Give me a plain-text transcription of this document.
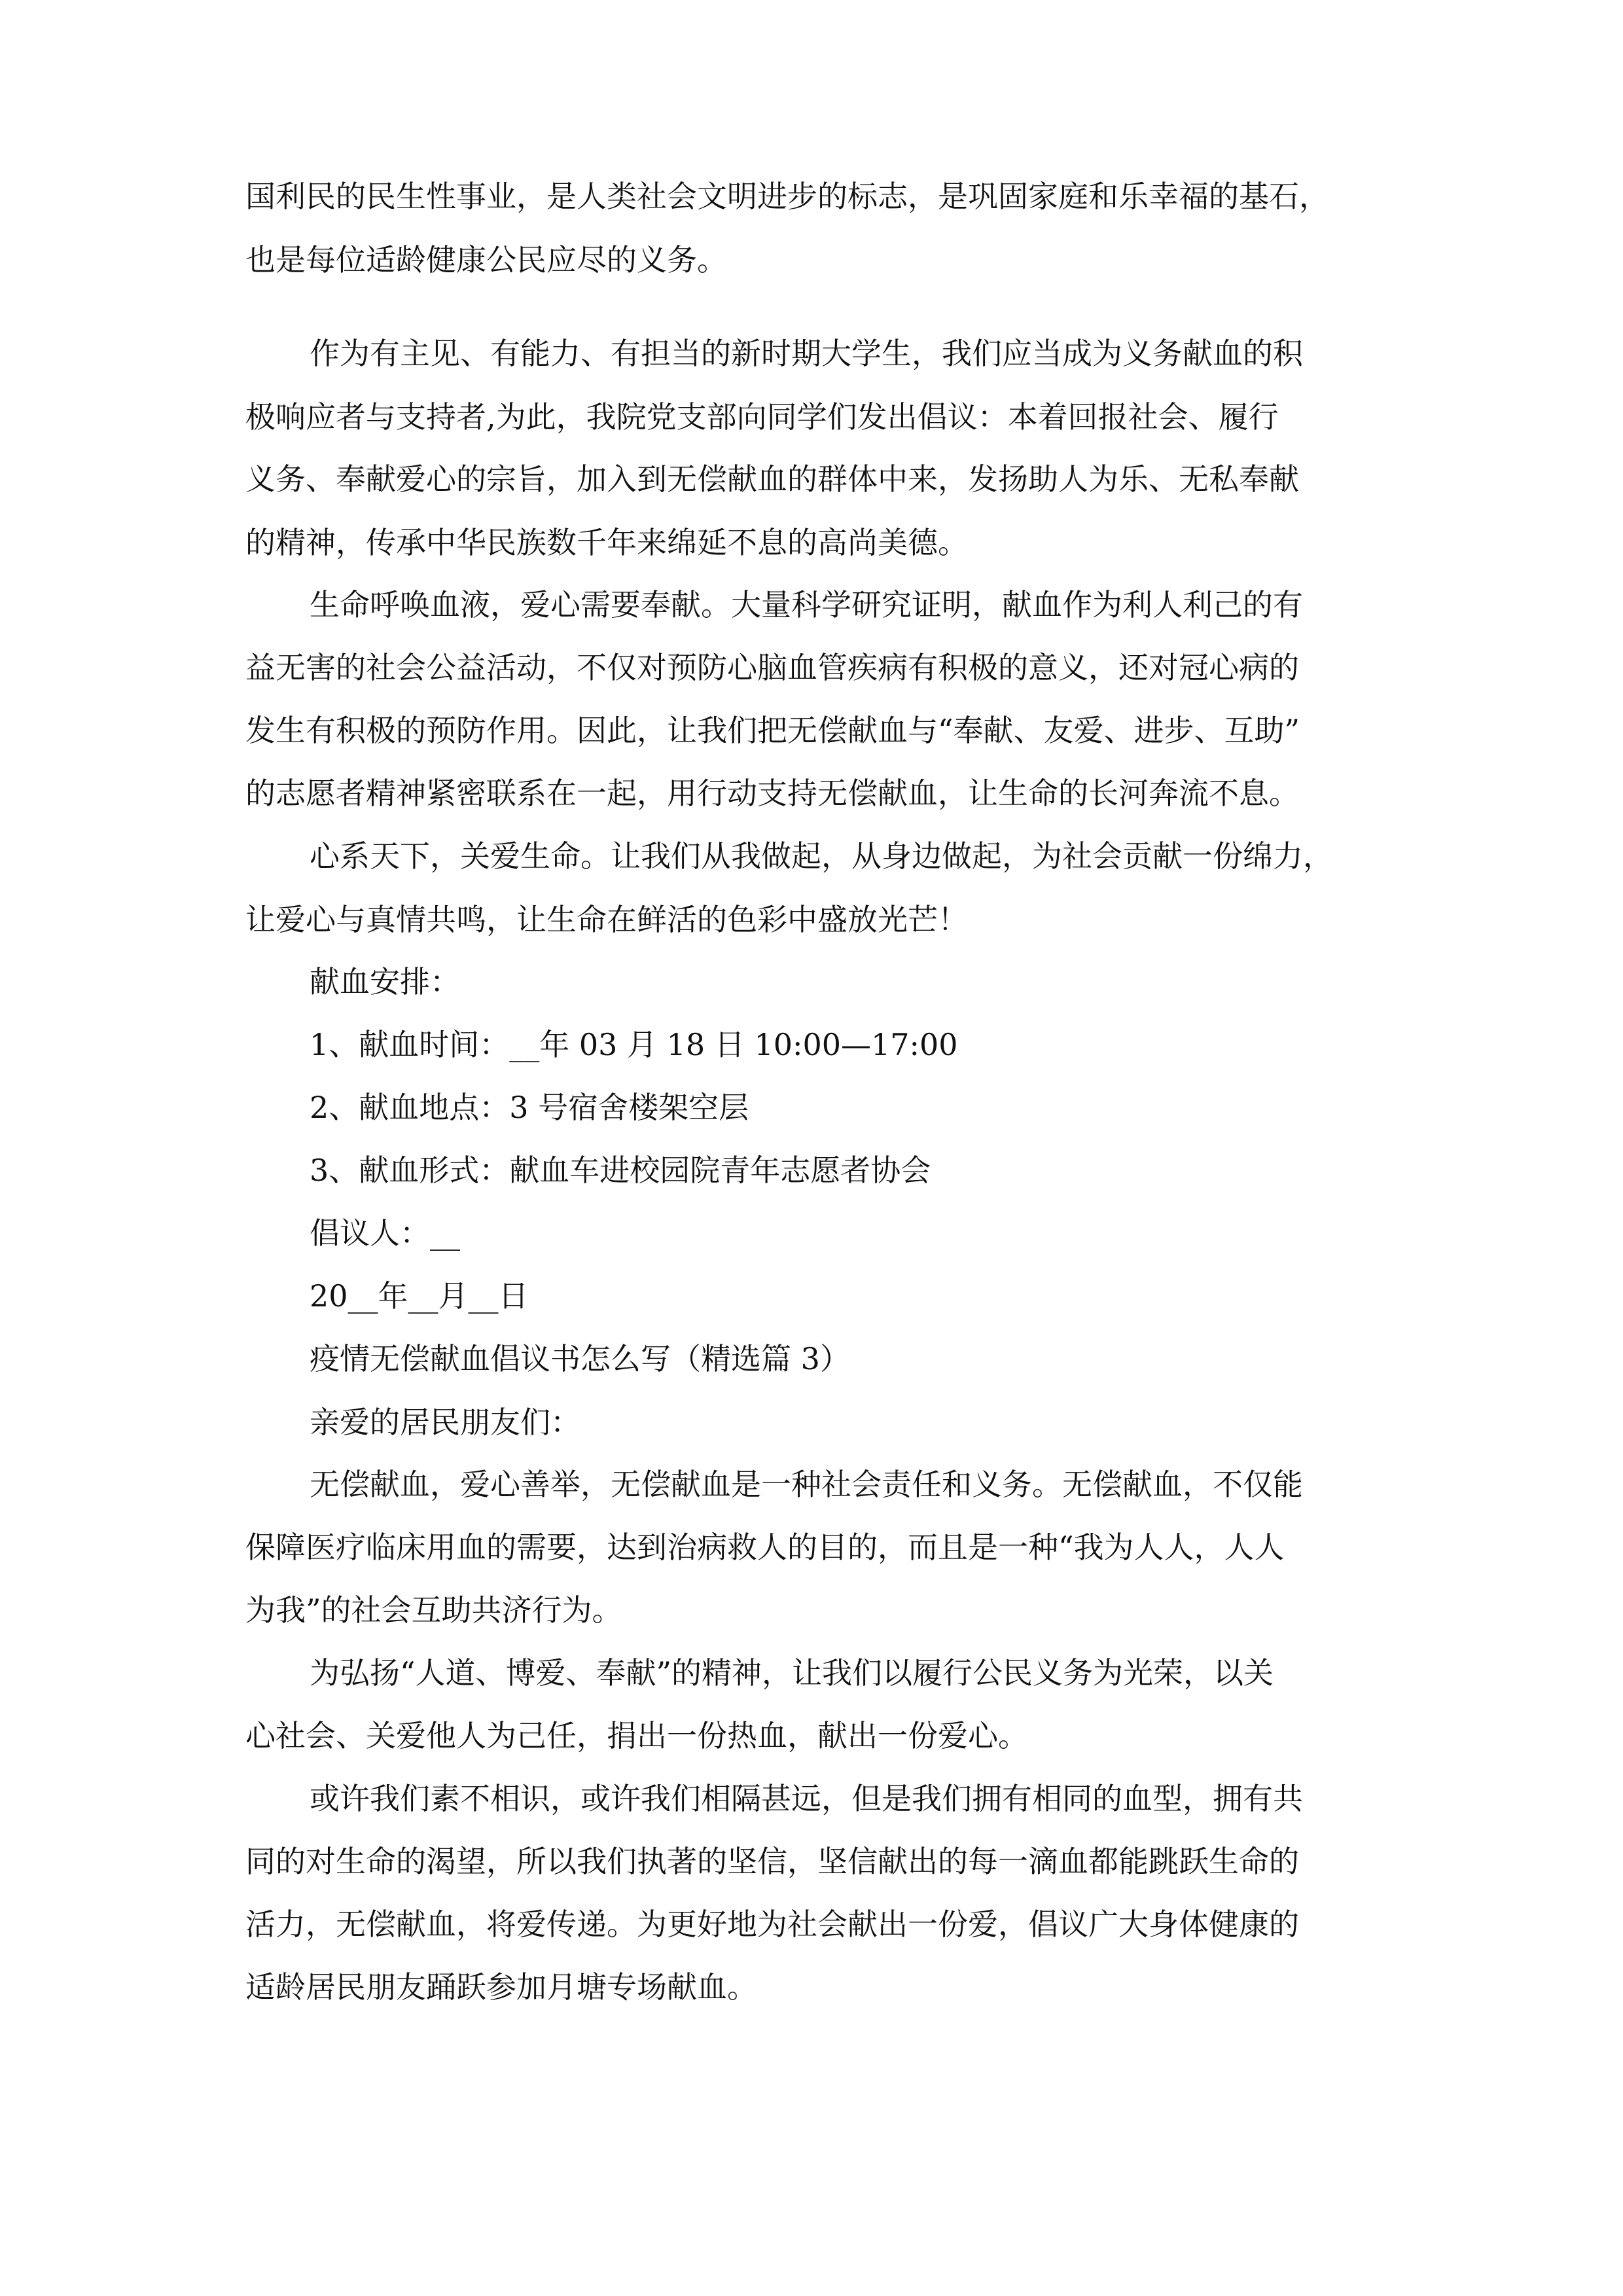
国利民的民生性事业，是人类社会文明进步的标志，是巩固家庭和乐幸福的基石，
也是每位适龄健康公民应尽的义务。
作为有主见、有能力、有担当的新时期大学生，我们应当成为义务献血的积
极响应者与支持者,为此，我院党支部向同学们发出倡议：本着回报社会、履行
义务、奉献爱心的宗旨，加入到无偿献血的群体中来，发扬助人为乐、无私奉献
的精神，传承中华民族数千年来绵延不息的高尚美德。
生命呼唤血液，爱心需要奉献。大量科学研究证明，献血作为利人利己的有
益无害的社会公益活动，不仅对预防心脑血管疾病有积极的意义，还对冠心病的
发生有积极的预防作用。因此，让我们把无偿献血与“奉献、友爱、进步、互助”
的志愿者精神紧密联系在一起，用行动支持无偿献血，让生命的长河奔流不息。
心系天下，关爱生命。让我们从我做起，从身边做起，为社会贡献一份绵力，
让爱心与真情共鸣，让生命在鲜活的色彩中盛放光芒！
献血安排：
1、献血时间：__年 03 月 18 日 10:00—17:00
2、献血地点：3 号宿舍楼架空层
3、献血形式：献血车进校园院青年志愿者协会
倡议人：__
20__年__月__日
疫情无偿献血倡议书怎么写（精选篇 3）
亲爱的居民朋友们：
无偿献血，爱心善举，无偿献血是一种社会责任和义务。无偿献血，不仅能
保障医疗临床用血的需要，达到治病救人的目的，而且是一种“我为人人，人人
为我”的社会互助共济行为。
为弘扬“人道、博爱、奉献”的精神，让我们以履行公民义务为光荣，以关
心社会、关爱他人为己任，捐出一份热血，献出一份爱心。
或许我们素不相识，或许我们相隔甚远，但是我们拥有相同的血型，拥有共
同的对生命的渴望，所以我们执著的坚信，坚信献出的每一滴血都能跳跃生命的
活力，无偿献血，将爱传递。为更好地为社会献出一份爱，倡议广大身体健康的
适龄居民朋友踊跃参加月塘专场献血。
